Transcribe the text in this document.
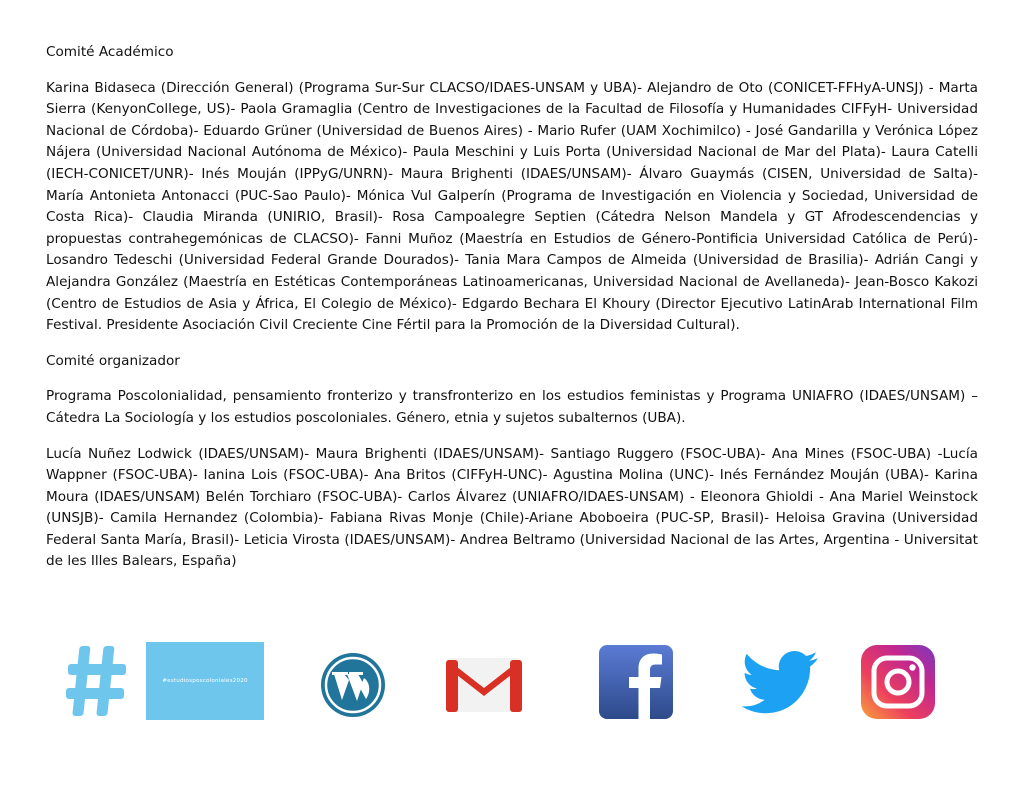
Comité Académico
Karina Bidaseca (Dirección General) (Programa Sur-Sur CLACSO/IDAES-UNSAM y UBA)- Alejandro de Oto (CONICET-FFHyA-UNSJ) - Marta Sierra (KenyonCollege, US)- Paola Gramaglia (Centro de Investigaciones de la Facultad de Filosofía y Humanidades CIFFyH- Universidad Nacional de Córdoba)- Eduardo Grüner (Universidad de Buenos Aires) - Mario Rufer (UAM Xochimilco) - José Gandarilla y Verónica López Nájera (Universidad Nacional Autónoma de México)- Paula Meschini y Luis Porta (Universidad Nacional de Mar del Plata)- Laura Catelli (IECH-CONICET/UNR)- Inés Mouján (IPPyG/UNRN)- Maura Brighenti (IDAES/UNSAM)- Álvaro Guaymás (CISEN, Universidad de Salta)- María Antonieta Antonacci (PUC-Sao Paulo)- Mónica Vul Galperín (Programa de Investigación en Violencia y Sociedad, Universidad de Costa Rica)- Claudia Miranda (UNIRIO, Brasil)- Rosa Campoalegre Septien (Cátedra Nelson Mandela y GT Afrodescendencias y propuestas contrahegemónicas de CLACSO)- Fanni Muñoz (Maestría en Estudios de Género-Pontificia Universidad Católica de Perú)- Losandro Tedeschi (Universidad Federal Grande Dourados)- Tania Mara Campos de Almeida (Universidad de Brasilia)- Adrián Cangi y Alejandra González (Maestría en Estéticas Contemporáneas Latinoamericanas, Universidad Nacional de Avellaneda)- Jean-Bosco Kakozi (Centro de Estudios de Asia y África, El Colegio de México)- Edgardo Bechara El Khoury (Director Ejecutivo LatinArab International Film Festival. Presidente Asociación Civil Creciente Cine Fértil para la Promoción de la Diversidad Cultural).
Comité organizador
Programa Poscolonialidad, pensamiento fronterizo y transfronterizo en los estudios feministas y Programa UNIAFRO (IDAES/UNSAM) – Cátedra La Sociología y los estudios poscoloniales. Género, etnia y sujetos subalternos (UBA).
Lucía Nuñez Lodwick (IDAES/UNSAM)- Maura Brighenti (IDAES/UNSAM)- Santiago Ruggero (FSOC-UBA)- Ana Mines (FSOC-UBA) -Lucía Wappner (FSOC-UBA)- Ianina Lois (FSOC-UBA)- Ana Britos (CIFFyH-UNC)- Agustina Molina (UNC)- Inés Fernández Mouján (UBA)- Karina Moura (IDAES/UNSAM) Belén Torchiaro (FSOC-UBA)- Carlos Álvarez (UNIAFRO/IDAES-UNSAM) - Eleonora Ghioldi - Ana Mariel Weinstock (UNSJB)- Camila Hernandez (Colombia)- Fabiana Rivas Monje (Chile)-Ariane Aboboeira (PUC-SP, Brasil)- Heloisa Gravina (Universidad Federal Santa María, Brasil)- Leticia Virosta (IDAES/UNSAM)- Andrea Beltramo (Universidad Nacional de las Artes, Argentina - Universitat de les Illes Balears, España)
#estudiosposcoloniales2020
